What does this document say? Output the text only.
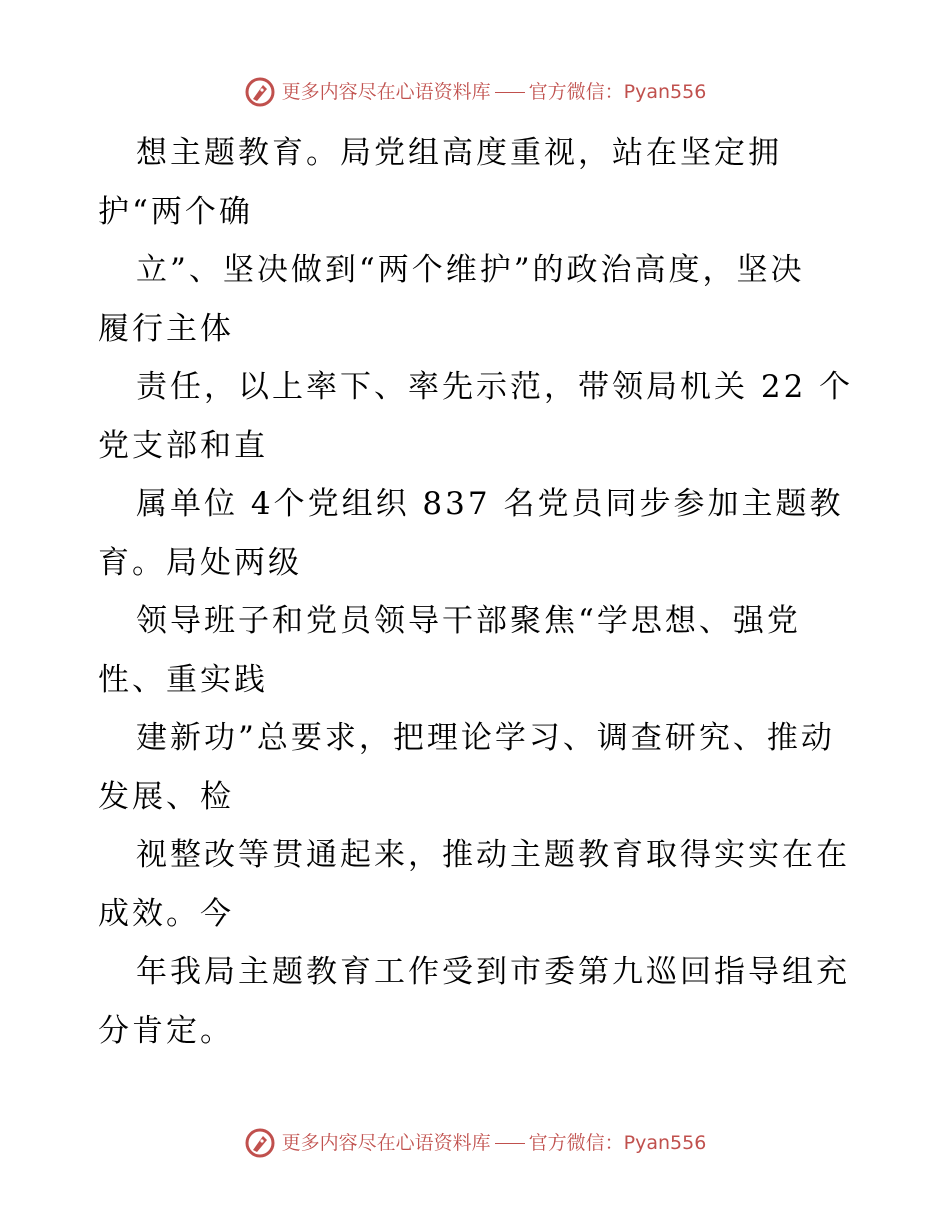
更多内容尽在心语资料库 官方微信：Pyan556
想主题教育。局党组高度重视，站在坚定拥
护“两个确
立”、坚决做到“两个维护”的政治高度，坚决
履行主体
责任，以上率下、率先示范，带领局机关 22 个
党支部和直
属单位 4个党组织 837 名党员同步参加主题教
育。局处两级
领导班子和党员领导干部聚焦“学思想、强党
性、重实践
建新功”总要求，把理论学习、调查研究、推动
发展、检
视整改等贯通起来，推动主题教育取得实实在在
成效。今
年我局主题教育工作受到市委第九巡回指导组充
分肯定。
更多内容尽在心语资料库 官方微信：Pyan556
